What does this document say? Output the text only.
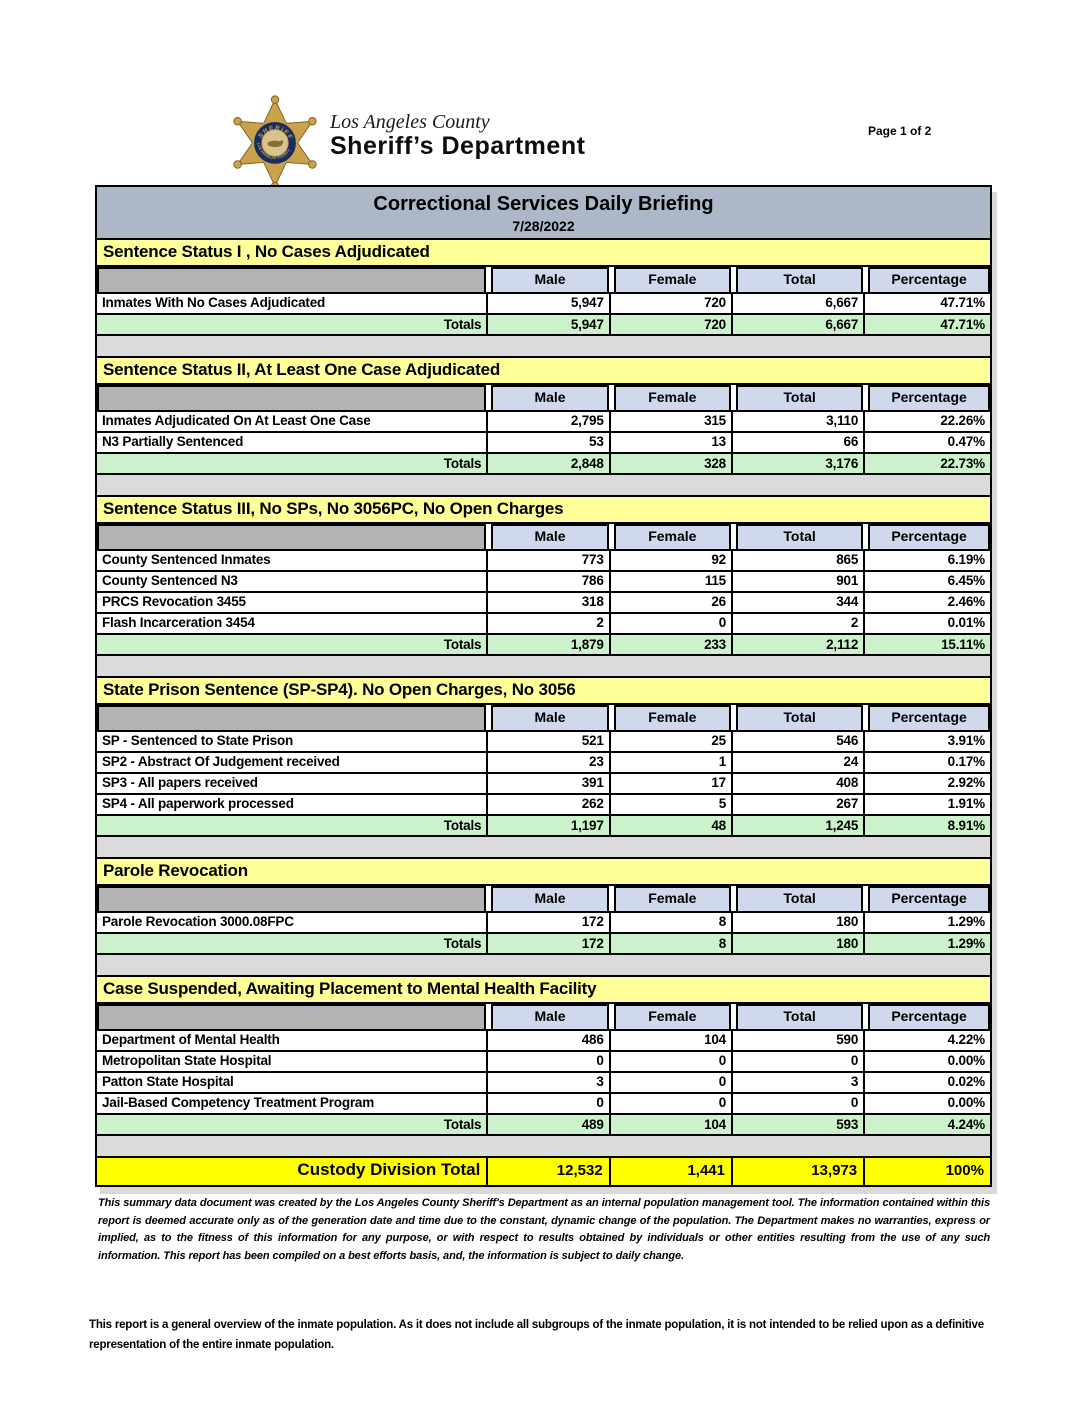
SHERIFF
LOS ANGELES COUNTY
Los Angeles County
Sheriff’s Department
Page 1 of 2
Correctional Services Daily Briefing
7/28/2022
Sentence Status I , No Cases Adjudicated
Male	Female	Total	Percentage
Inmates With No Cases Adjudicated	5,947	720	6,667	47.71%
Totals	5,947	720	6,667	47.71%
Sentence Status II, At Least One Case Adjudicated
Male	Female	Total	Percentage
Inmates Adjudicated On At Least One Case	2,795	315	3,110	22.26%
N3 Partially Sentenced	53	13	66	0.47%
Totals	2,848	328	3,176	22.73%
Sentence Status III, No SPs, No 3056PC, No Open Charges
Male	Female	Total	Percentage
County Sentenced Inmates	773	92	865	6.19%
County Sentenced N3	786	115	901	6.45%
PRCS Revocation 3455	318	26	344	2.46%
Flash Incarceration 3454	2	0	2	0.01%
Totals	1,879	233	2,112	15.11%
State Prison Sentence (SP-SP4). No Open Charges, No 3056
Male	Female	Total	Percentage
SP - Sentenced to State Prison	521	25	546	3.91%
SP2 - Abstract Of Judgement received	23	1	24	0.17%
SP3 - All papers received	391	17	408	2.92%
SP4 - All paperwork processed	262	5	267	1.91%
Totals	1,197	48	1,245	8.91%
Parole Revocation
Male	Female	Total	Percentage
Parole Revocation 3000.08FPC	172	8	180	1.29%
Totals	172	8	180	1.29%
Case Suspended, Awaiting Placement to Mental Health Facility
Male	Female	Total	Percentage
Department of Mental Health	486	104	590	4.22%
Metropolitan State Hospital	0	0	0	0.00%
Patton State Hospital	3	0	3	0.02%
Jail-Based Competency Treatment Program	0	0	0	0.00%
Totals	489	104	593	4.24%
Custody Division Total	12,532	1,441	13,973	100%

This summary data document was created by the Los Angeles County Sheriff's Department as an internal population management tool. The information contained within this report is deemed accurate only as of the generation date and time due to the constant, dynamic change of the population. The Department makes no warranties, express or implied, as to the fitness of this information for any purpose, or with respect to results obtained by individuals or other entities resulting from the use of any such information. This report has been compiled on a best efforts basis, and, the information is subject to daily change.

This report is a general overview of the inmate population. As it does not include all subgroups of the inmate population, it is not intended to be relied upon as a definitive representation of the entire inmate population.
